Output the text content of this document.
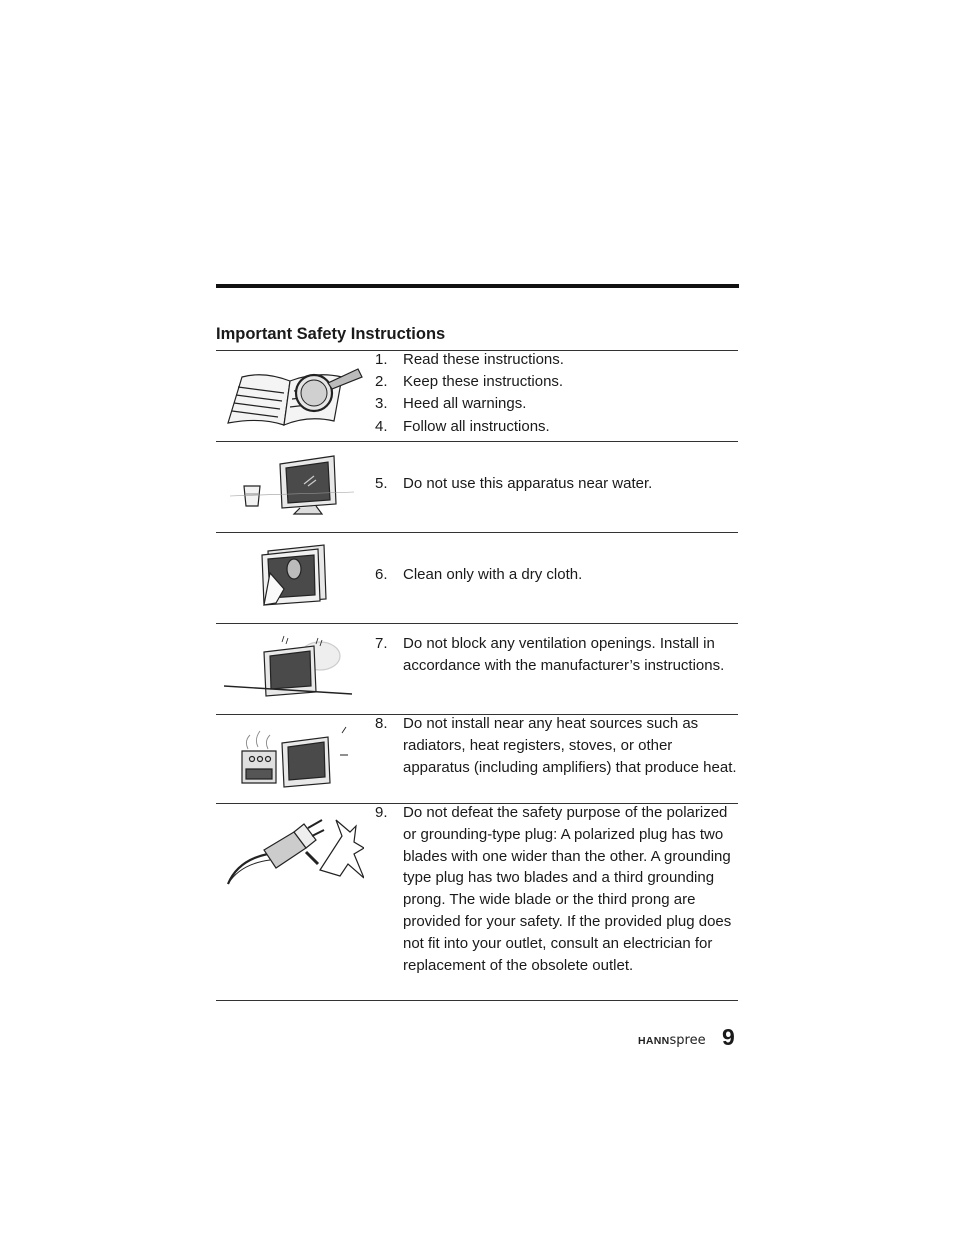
Important Safety Instructions
1.	Read these instructions.
2.	Keep these instructions.
3.	Heed all warnings.
4.	Follow all instructions.
5.	Do not use this apparatus near water.
6.	Clean only with a dry cloth.
7.	Do not block any ventilation openings. Install in accordance with the manufacturer’s instructions.
8.	Do not install near any heat sources such as radiators, heat registers, stoves, or other apparatus (including amplifiers) that produce heat.
9.	Do not defeat the safety purpose of the polarized or grounding-type plug: A polarized plug has two blades with one wider than the other. A grounding type plug has two blades and a third grounding prong. The wide blade or the third prong are provided for your safety. If the provided plug does not fit into your outlet, consult an electrician for replacement of the obsolete outlet.
HANNspree 9
